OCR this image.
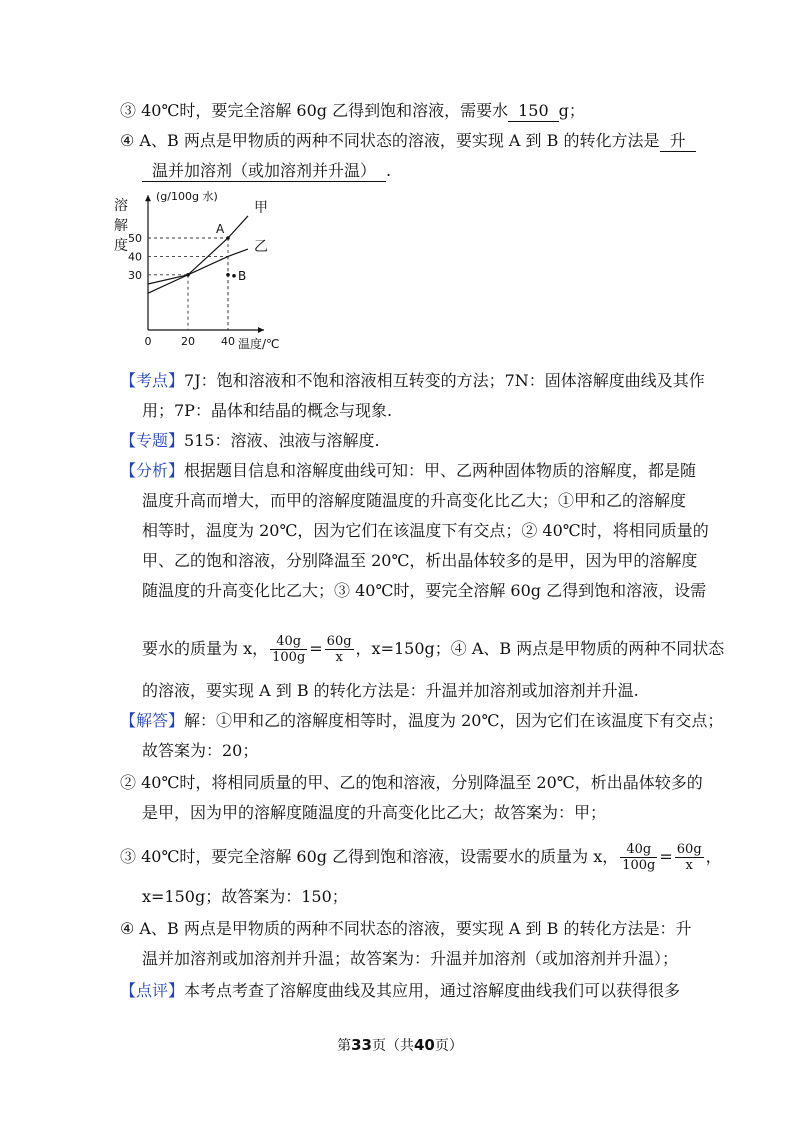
③ 40℃时，要完全溶解 60g 乙得到饱和溶液，需要水 150 g；
④ A、B 两点是甲物质的两种不同状态的溶液，要实现 A 到 B 的转化方法是 升
温并加溶剂（或加溶剂并升温） .
30
40
50
20 40
0
甲
乙
A
B
溶
解
度
(g/100g 水)
温度/℃
【考点】7J：饱和溶液和不饱和溶液相互转变的方法；7N：固体溶解度曲线及其作
用；7P：晶体和结晶的概念与现象.
【专题】515：溶液、浊液与溶解度.
【分析】根据题目信息和溶解度曲线可知：甲、乙两种固体物质的溶解度，都是随
温度升高而增大，而甲的溶解度随温度的升高变化比乙大；①甲和乙的溶解度
相等时，温度为 20℃，因为它们在该温度下有交点；② 40℃时，将相同质量的
甲、乙的饱和溶液，分别降温至 20℃，析出晶体较多的是甲，因为甲的溶解度
随温度的升高变化比乙大；③ 40℃时，要完全溶解 60g 乙得到饱和溶液，设需
要水的质量为 x， $\frac{40g}{100g} = \frac{60g}{x}$ ，x=150g；④ A、B 两点是甲物质的两种不同状态
的溶液，要实现 A 到 B 的转化方法是：升温并加溶剂或加溶剂并升温.
【解答】解：①甲和乙的溶解度相等时，温度为 20℃，因为它们在该温度下有交点；
故答案为：20；
② 40℃时，将相同质量的甲、乙的饱和溶液，分别降温至 20℃，析出晶体较多的
是甲，因为甲的溶解度随温度的升高变化比乙大；故答案为：甲；
③ 40℃时，要完全溶解 60g 乙得到饱和溶液，设需要水的质量为 x， $\frac{40g}{100g} = \frac{60g}{x}$ ，
x=150g；故答案为：150；
④ A、B 两点是甲物质的两种不同状态的溶液，要实现 A 到 B 的转化方法是：升
温并加溶剂或加溶剂并升温；故答案为：升温并加溶剂（或加溶剂并升温）；
【点评】本考点考查了溶解度曲线及其应用，通过溶解度曲线我们可以获得很多
第33页（共40页）
